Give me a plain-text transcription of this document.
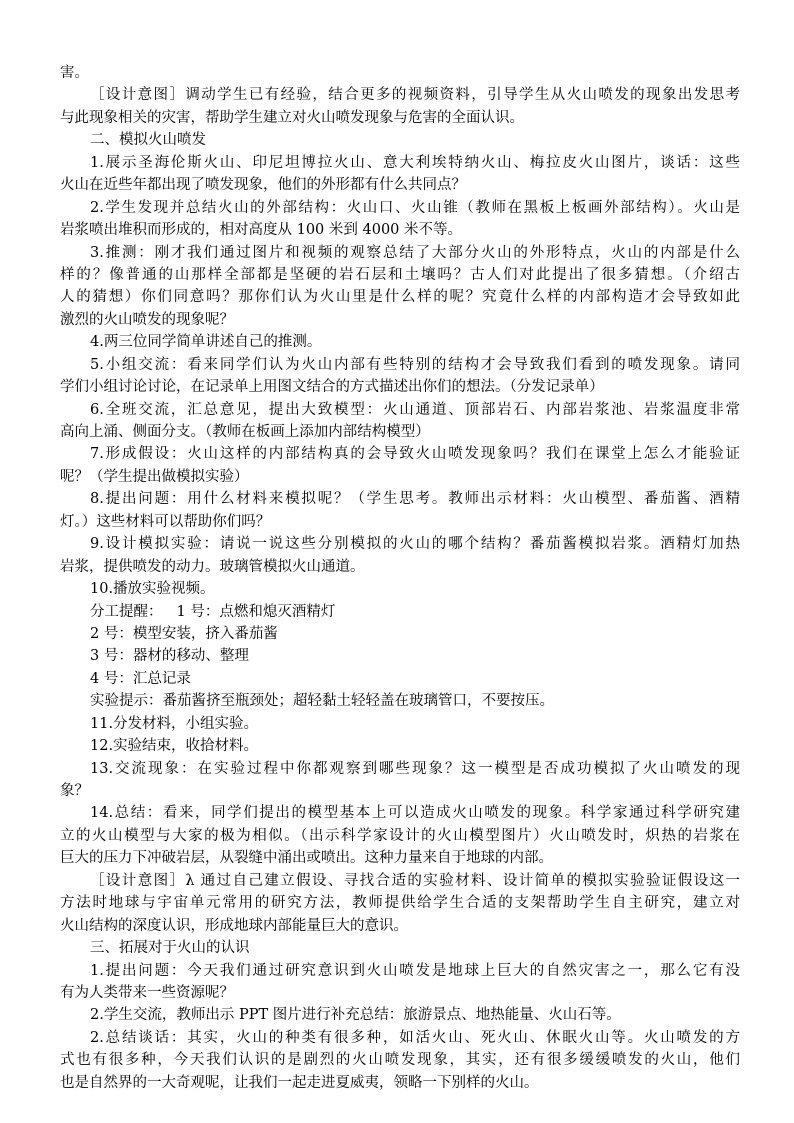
害。
［设计意图］调动学生已有经验，结合更多的视频资料，引导学生从火山喷发的现象出发思考
与此现象相关的灾害，帮助学生建立对火山喷发现象与危害的全面认识。
二、模拟火山喷发
1.展示圣海伦斯火山、印尼坦博拉火山、意大利埃特纳火山、梅拉皮火山图片，谈话：这些
火山在近些年都出现了喷发现象，他们的外形都有什么共同点？
2.学生发现并总结火山的外部结构：火山口、火山锥（教师在黑板上板画外部结构）。火山是
岩浆喷出堆积而形成的，相对高度从 100 米到 4000 米不等。
3.推测：刚才我们通过图片和视频的观察总结了大部分火山的外形特点，火山的内部是什么
样的？像普通的山那样全部都是坚硬的岩石层和土壤吗？古人们对此提出了很多猜想。（介绍古
人的猜想）你们同意吗？那你们认为火山里是什么样的呢？究竟什么样的内部构造才会导致如此
激烈的火山喷发的现象呢？
4.两三位同学简单讲述自己的推测。
5.小组交流：看来同学们认为火山内部有些特别的结构才会导致我们看到的喷发现象。请同
学们小组讨论讨论，在记录单上用图文结合的方式描述出你们的想法。（分发记录单）
6.全班交流，汇总意见，提出大致模型：火山通道、顶部岩石、内部岩浆池、岩浆温度非常
高向上涌、侧面分支。（教师在板画上添加内部结构模型）
7.形成假设：火山这样的内部结构真的会导致火山喷发现象吗？我们在课堂上怎么才能验证
呢？（学生提出做模拟实验）
8.提出问题：用什么材料来模拟呢？（学生思考。教师出示材料：火山模型、番茄酱、酒精
灯。）这些材料可以帮助你们吗？
9.设计模拟实验：请说一说这些分别模拟的火山的哪个结构？番茄酱模拟岩浆。酒精灯加热
岩浆，提供喷发的动力。玻璃管模拟火山通道。
10.播放实验视频。
分工提醒： 1 号：点燃和熄灭酒精灯
2 号：模型安装，挤入番茄酱
3 号：器材的移动、整理
4 号：汇总记录
实验提示：番茄酱挤至瓶颈处；超轻黏土轻轻盖在玻璃管口，不要按压。
11.分发材料，小组实验。
12.实验结束，收拾材料。
13.交流现象：在实验过程中你都观察到哪些现象？这一模型是否成功模拟了火山喷发的现
象？
14.总结：看来，同学们提出的模型基本上可以造成火山喷发的现象。科学家通过科学研究建
立的火山模型与大家的极为相似。（出示科学家设计的火山模型图片）火山喷发时，炽热的岩浆在
巨大的压力下冲破岩层，从裂缝中涌出或喷出。这种力量来自于地球的内部。
［设计意图］λ 通过自己建立假设、寻找合适的实验材料、设计简单的模拟实验验证假设这一
方法时地球与宇宙单元常用的研究方法，教师提供给学生合适的支架帮助学生自主研究，建立对
火山结构的深度认识，形成地球内部能量巨大的意识。
三、拓展对于火山的认识
1.提出问题：今天我们通过研究意识到火山喷发是地球上巨大的自然灾害之一，那么它有没
有为人类带来一些资源呢？
2.学生交流，教师出示 PPT 图片进行补充总结：旅游景点、地热能量、火山石等。
2.总结谈话：其实，火山的种类有很多种，如活火山、死火山、休眠火山等。火山喷发的方
式也有很多种，今天我们认识的是剧烈的火山喷发现象，其实，还有很多缓缓喷发的火山，他们
也是自然界的一大奇观呢，让我们一起走进夏威夷，领略一下别样的火山。
